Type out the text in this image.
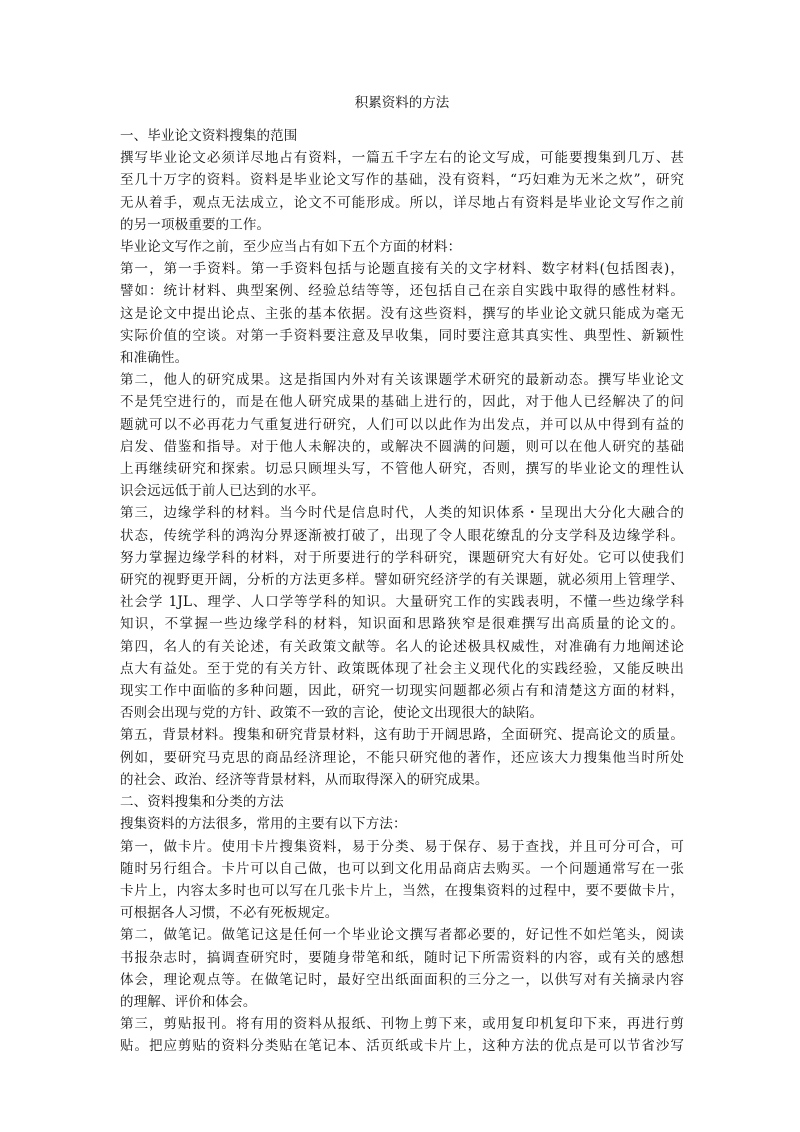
积累资料的方法

一、毕业论文资料搜集的范围

撰写毕业论文必须详尽地占有资料，一篇五千字左右的论文写成，可能要搜集到几万、甚

至几十万字的资料。资料是毕业论文写作的基础，没有资料，“巧妇难为无米之炊”，研究

无从着手，观点无法成立，论文不可能形成。所以，详尽地占有资料是毕业论文写作之前

的另一项极重要的工作。

毕业论文写作之前，至少应当占有如下五个方面的材料：

第一，第一手资料。第一手资料包括与论题直接有关的文字材料、数字材料(包括图表)，

譬如：统计材料、典型案例、经验总结等等，还包括自己在亲自实践中取得的感性材料。

这是论文中提出论点、主张的基本依据。没有这些资料，撰写的毕业论文就只能成为毫无

实际价值的空谈。对第一手资料要注意及早收集，同时要注意其真实性、典型性、新颖性

和准确性。

第二，他人的研究成果。这是指国内外对有关该课题学术研究的最新动态。撰写毕业论文

不是凭空进行的，而是在他人研究成果的基础上进行的，因此，对于他人已经解决了的问

题就可以不必再花力气重复进行研究，人们可以以此作为出发点，并可以从中得到有益的

启发、借鉴和指导。对于他人未解决的，或解决不圆满的问题，则可以在他人研究的基础

上再继续研究和探索。切忌只顾埋头写，不管他人研究，否则，撰写的毕业论文的理性认

识会远远低于前人已达到的水平。

第三，边缘学科的材料。当今时代是信息时代，人类的知识体系・呈现出大分化大融合的

状态，传统学科的鸿沟分界逐渐被打破了，出现了令人眼花缭乱的分支学科及边缘学科。

努力掌握边缘学科的材料，对于所要进行的学科研究，课题研究大有好处。它可以使我们

研究的视野更开阔，分析的方法更多样。譬如研究经济学的有关课题，就必须用上管理学、

社会学 1JL、理学、人口学等学科的知识。大量研究工作的实践表明，不懂一些边缘学科

知识，不掌握一些边缘学科的材料，知识面和思路狭窄是很难撰写出高质量的论文的。

第四，名人的有关论述，有关政策文献等。名人的论述极具权威性，对准确有力地阐述论

点大有益处。至于党的有关方针、政策既体现了社会主义现代化的实践经验，又能反映出

现实工作中面临的多种问题，因此，研究一切现实问题都必须占有和清楚这方面的材料，

否则会出现与党的方针、政策不一致的言论，使论文出现很大的缺陷。

第五，背景材料。搜集和研究背景材料，这有助于开阔思路，全面研究、提高论文的质量。

例如，要研究马克思的商品经济理论，不能只研究他的著作，还应该大力搜集他当时所处

的社会、政治、经济等背景材料，从而取得深入的研究成果。

二、资料搜集和分类的方法

搜集资料的方法很多，常用的主要有以下方法：

第一，做卡片。使用卡片搜集资料，易于分类、易于保存、易于查找，并且可分可合，可

随时另行组合。卡片可以自己做，也可以到文化用品商店去购买。一个问题通常写在一张

卡片上，内容太多时也可以写在几张卡片上，当然，在搜集资料的过程中，要不要做卡片，

可根据各人习惯，不必有死板规定。

第二，做笔记。做笔记这是任何一个毕业论文撰写者都必要的，好记性不如烂笔头，阅读

书报杂志时，搞调查研究时，要随身带笔和纸，随时记下所需资料的内容，或有关的感想

体会，理论观点等。在做笔记时，最好空出纸面面积的三分之一，以供写对有关摘录内容

的理解、评价和体会。

第三，剪贴报刊。将有用的资料从报纸、刊物上剪下来，或用复印机复印下来，再进行剪

贴。把应剪贴的资料分类贴在笔记本、活页纸或卡片上，这种方法的优点是可以节省沙写
